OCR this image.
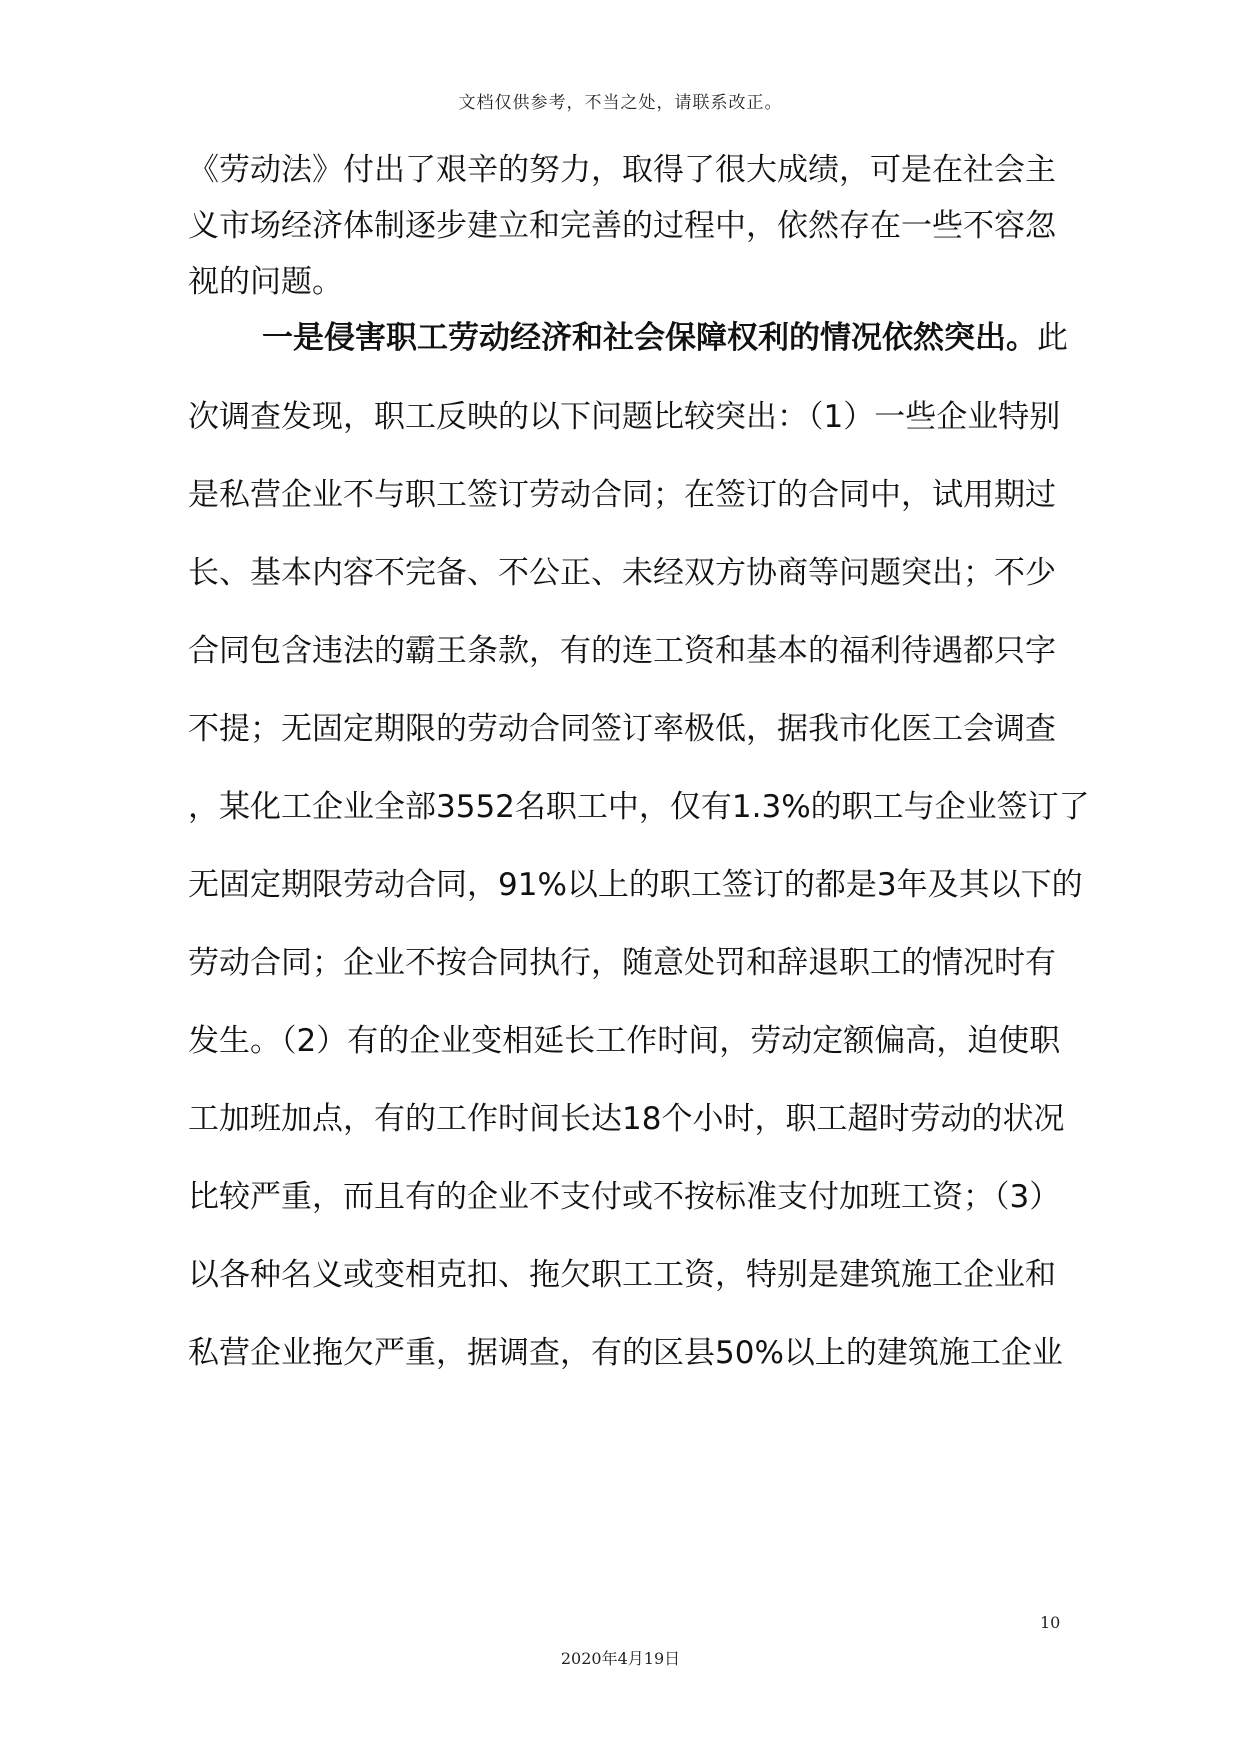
文档仅供参考，不当之处，请联系改正。
《劳动法》付出了艰辛的努力，取得了很大成绩，可是在社会主
义市场经济体制逐步建立和完善的过程中，依然存在一些不容忽
视的问题。
一是侵害职工劳动经济和社会保障权利的情况依然突出。此
次调查发现，职工反映的以下问题比较突出：（1）一些企业特别
是私营企业不与职工签订劳动合同；在签订的合同中，试用期过
长、基本内容不完备、不公正、未经双方协商等问题突出；不少
合同包含违法的霸王条款，有的连工资和基本的福利待遇都只字
不提；无固定期限的劳动合同签订率极低，据我市化医工会调查
，某化工企业全部3552名职工中，仅有1.3%的职工与企业签订了
无固定期限劳动合同，91%以上的职工签订的都是3年及其以下的
劳动合同；企业不按合同执行，随意处罚和辞退职工的情况时有
发生。（2）有的企业变相延长工作时间，劳动定额偏高，迫使职
工加班加点，有的工作时间长达18个小时，职工超时劳动的状况
比较严重，而且有的企业不支付或不按标准支付加班工资；（3）
以各种名义或变相克扣、拖欠职工工资，特别是建筑施工企业和
私营企业拖欠严重，据调查，有的区县50%以上的建筑施工企业
10
2020年4月19日
